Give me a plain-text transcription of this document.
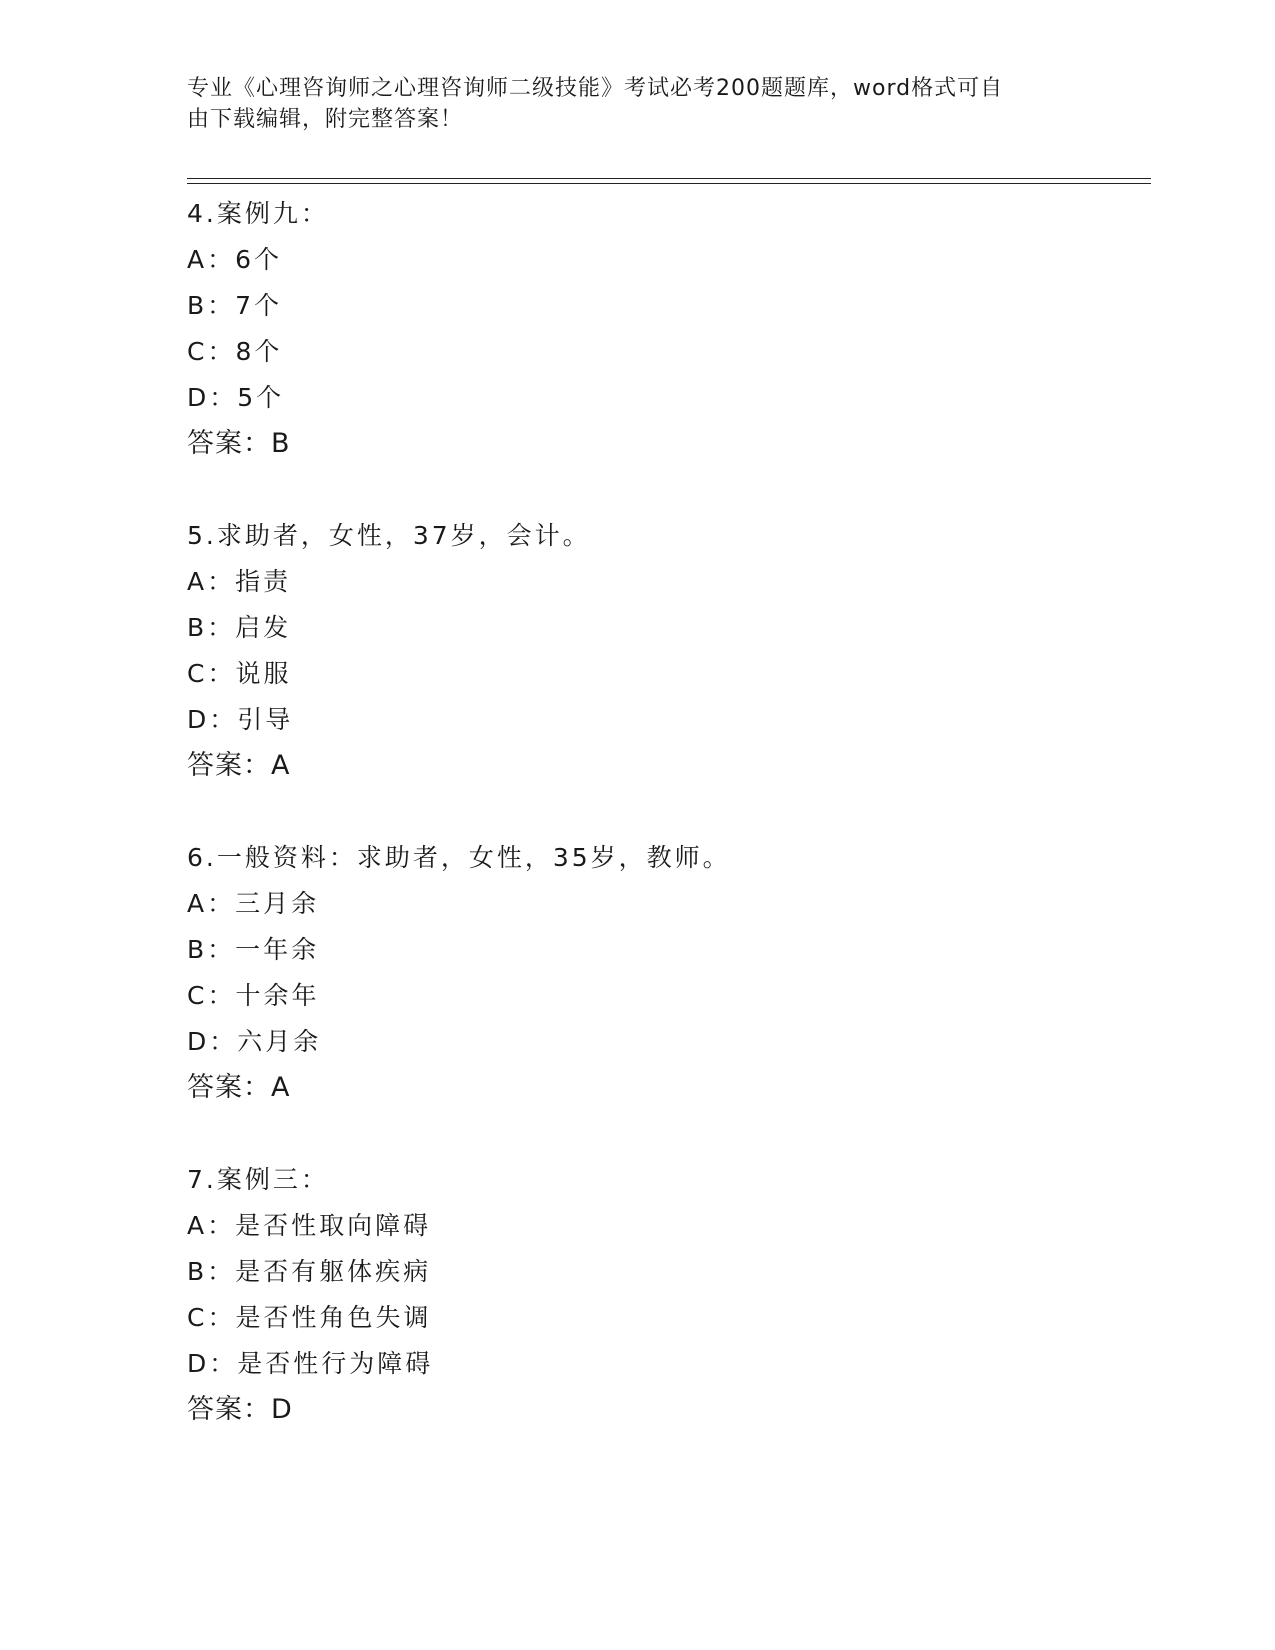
专业《心理咨询师之心理咨询师二级技能》考试必考200题题库，word格式可自
由下载编辑，附完整答案！
4.案例九：
A：6个
B：7个
C：8个
D：5个
答案：B
5.求助者，女性，37岁，会计。
A：指责
B：启发
C：说服
D：引导
答案：A
6.一般资料：求助者，女性，35岁，教师。
A：三月余
B：一年余
C：十余年
D：六月余
答案：A
7.案例三：
A：是否性取向障碍
B：是否有躯体疾病
C：是否性角色失调
D：是否性行为障碍
答案：D
